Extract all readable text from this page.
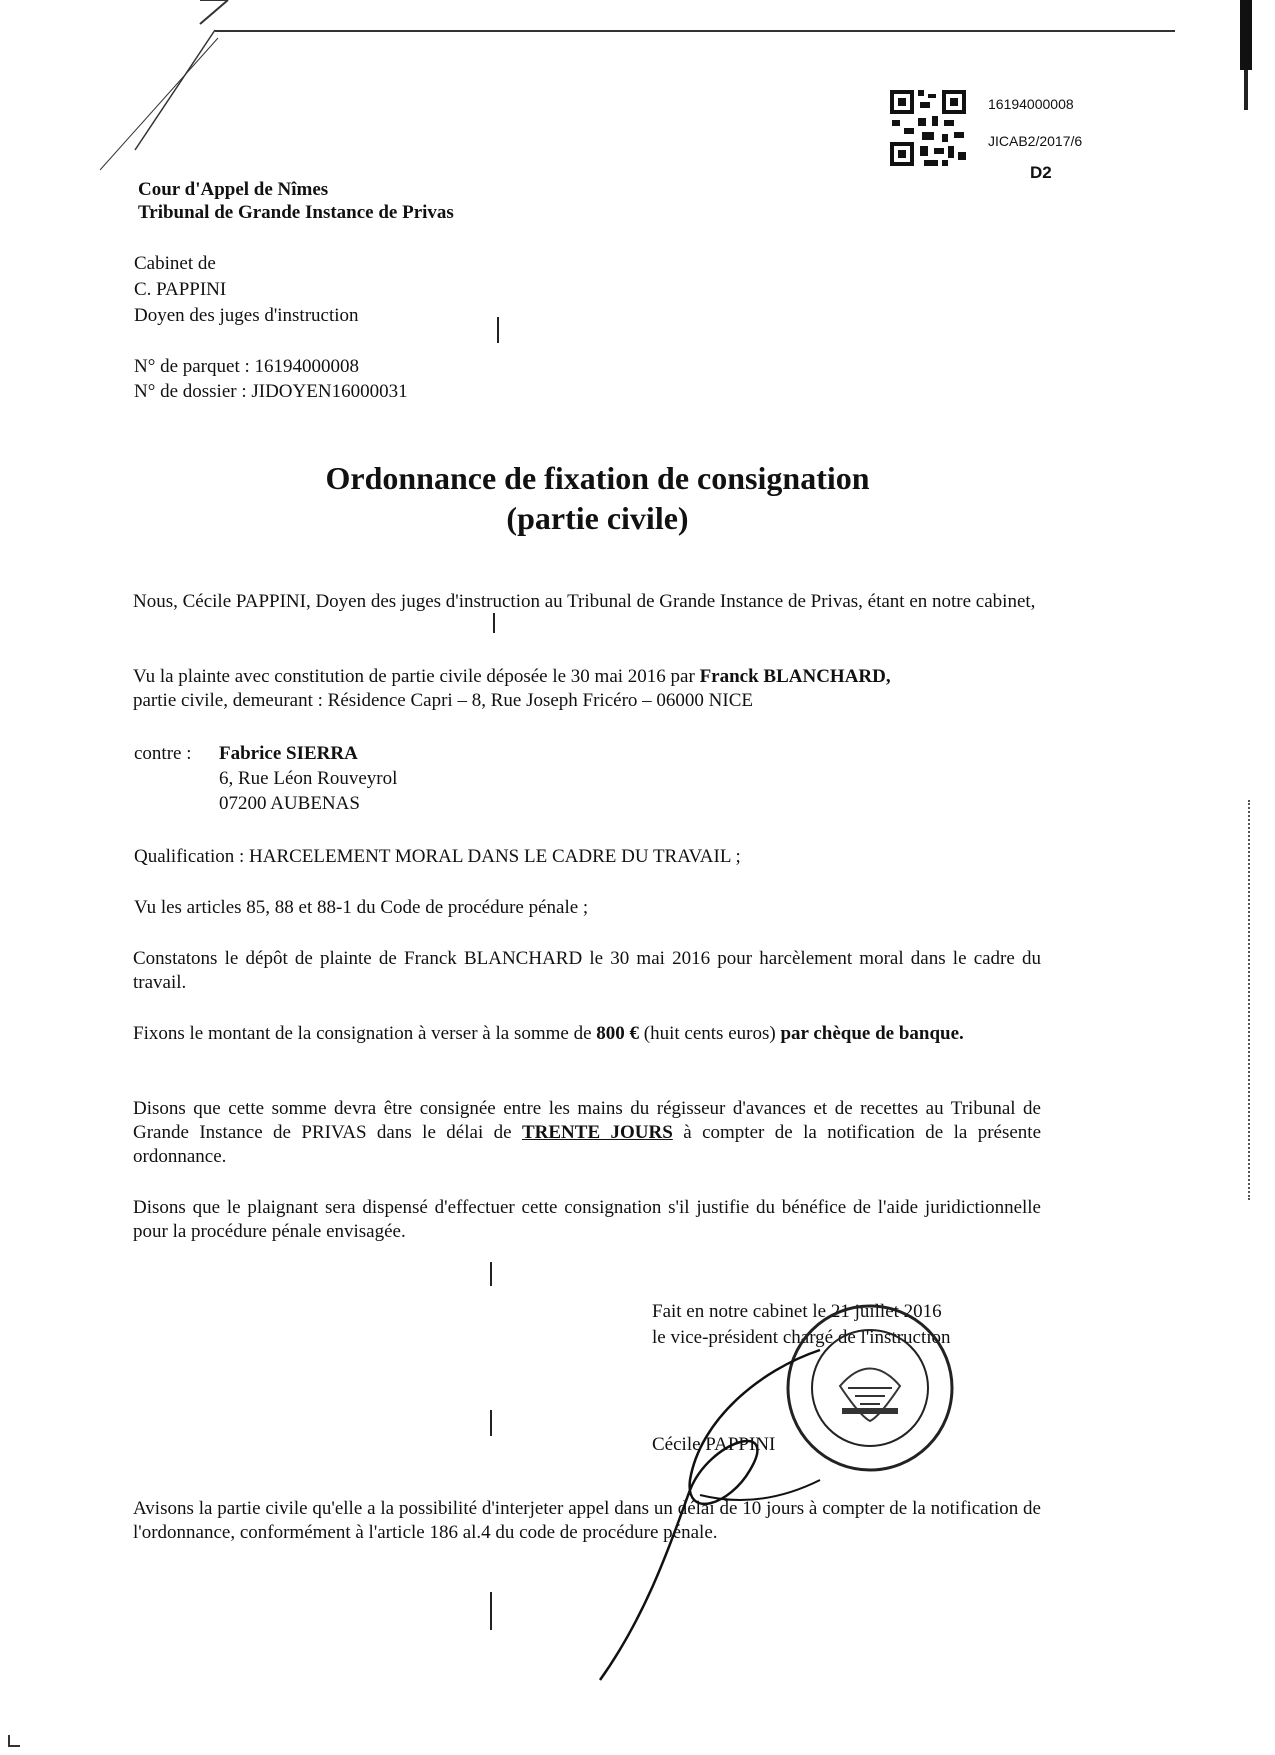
Cour d'Appel de Nîmes
Tribunal de Grande Instance de Privas
16194000008
JICAB2/2017/6
D2
Cabinet de
C. PAPPINI
Doyen des juges d'instruction
N° de parquet : 16194000008
N° de dossier : JIDOYEN16000031
Ordonnance de fixation de consignation
(partie civile)
Nous, Cécile PAPPINI, Doyen des juges d'instruction au Tribunal de Grande Instance de Privas, étant en notre cabinet,
Vu la plainte avec constitution de partie civile déposée le 30 mai 2016 par Franck BLANCHARD,
partie civile, demeurant : Résidence Capri – 8, Rue Joseph Fricéro – 06000 NICE
contre : Fabrice SIERRA
6, Rue Léon Rouveyrol
07200 AUBENAS
Qualification : HARCELEMENT MORAL DANS LE CADRE DU TRAVAIL ;
Vu les articles 85, 88 et 88-1 du Code de procédure pénale ;
Constatons le dépôt de plainte de Franck BLANCHARD le 30 mai 2016 pour harcèlement moral dans le cadre du travail.
Fixons le montant de la consignation à verser à la somme de 800 € (huit cents euros) par chèque de banque.
Disons que cette somme devra être consignée entre les mains du régisseur d'avances et de recettes au Tribunal de Grande Instance de PRIVAS dans le délai de TRENTE JOURS à compter de la notification de la présente ordonnance.
Disons que le plaignant sera dispensé d'effectuer cette consignation s'il justifie du bénéfice de l'aide juridictionnelle pour la procédure pénale envisagée.
Fait en notre cabinet le 21 juillet 2016
le vice-président chargé de l'instruction
Cécile PAPPINI
Avisons la partie civile qu'elle a la possibilité d'interjeter appel dans un délai de 10 jours à compter de la notification de l'ordonnance, conformément à l'article 186 al.4 du code de procédure pénale.
